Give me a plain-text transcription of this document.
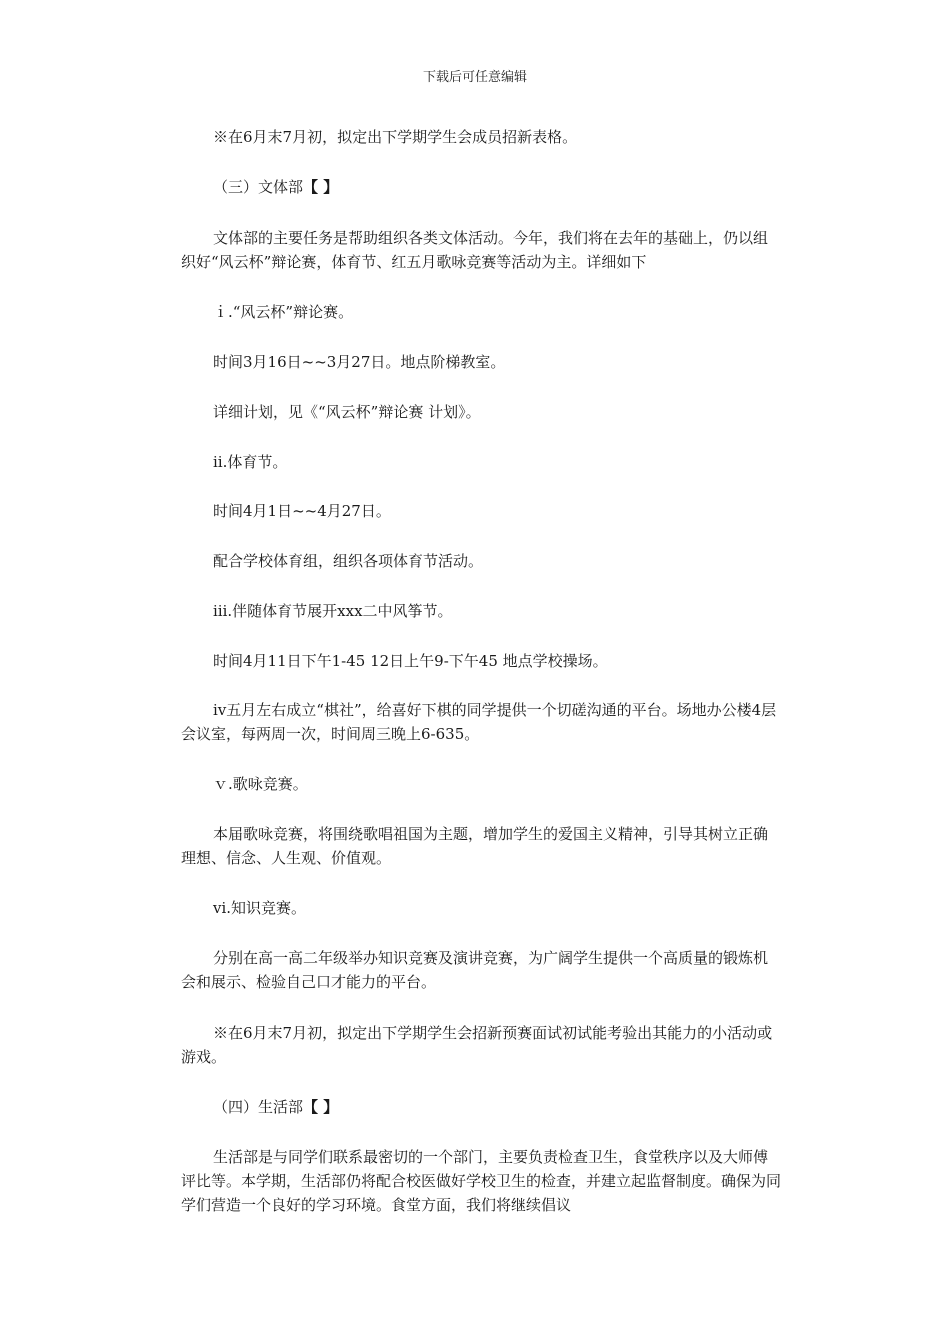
下载后可任意编辑

※在6月末7月初，拟定出下学期学生会成员招新表格。

（三）文体部【 】

文体部的主要任务是帮助组织各类文体活动。今年，我们将在去年的基础上，仍以组织好“风云杯”辩论赛，体育节、红五月歌咏竞赛等活动为主。详细如下

ｉ.“风云杯”辩论赛。

时间3月16日~~3月27日。地点阶梯教室。

详细计划，见《“风云杯”辩论赛 计划》。

ⅱ.体育节。

时间4月1日~~4月27日。

配合学校体育组，组织各项体育节活动。

ⅲ.伴随体育节展开xxx二中风筝节。

时间4月11日下午1-45 12日上午9-下午45 地点学校操场。

ⅳ五月左右成立“棋社”，给喜好下棋的同学提供一个切磋沟通的平台。场地办公楼4层会议室，每两周一次，时间周三晚上6-635。

ｖ.歌咏竞赛。

本届歌咏竞赛，将围绕歌唱祖国为主题，增加学生的爱国主义精神，引导其树立正确理想、信念、人生观、价值观。

ⅵ.知识竞赛。

分别在高一高二年级举办知识竞赛及演讲竞赛，为广阔学生提供一个高质量的锻炼机会和展示、检验自己口才能力的平台。

※在6月末7月初，拟定出下学期学生会招新预赛面试初试能考验出其能力的小活动或游戏。

（四）生活部【 】

生活部是与同学们联系最密切的一个部门，主要负责检查卫生，食堂秩序以及大师傅评比等。本学期，生活部仍将配合校医做好学校卫生的检查，并建立起监督制度。确保为同学们营造一个良好的学习环境。食堂方面，我们将继续倡议
